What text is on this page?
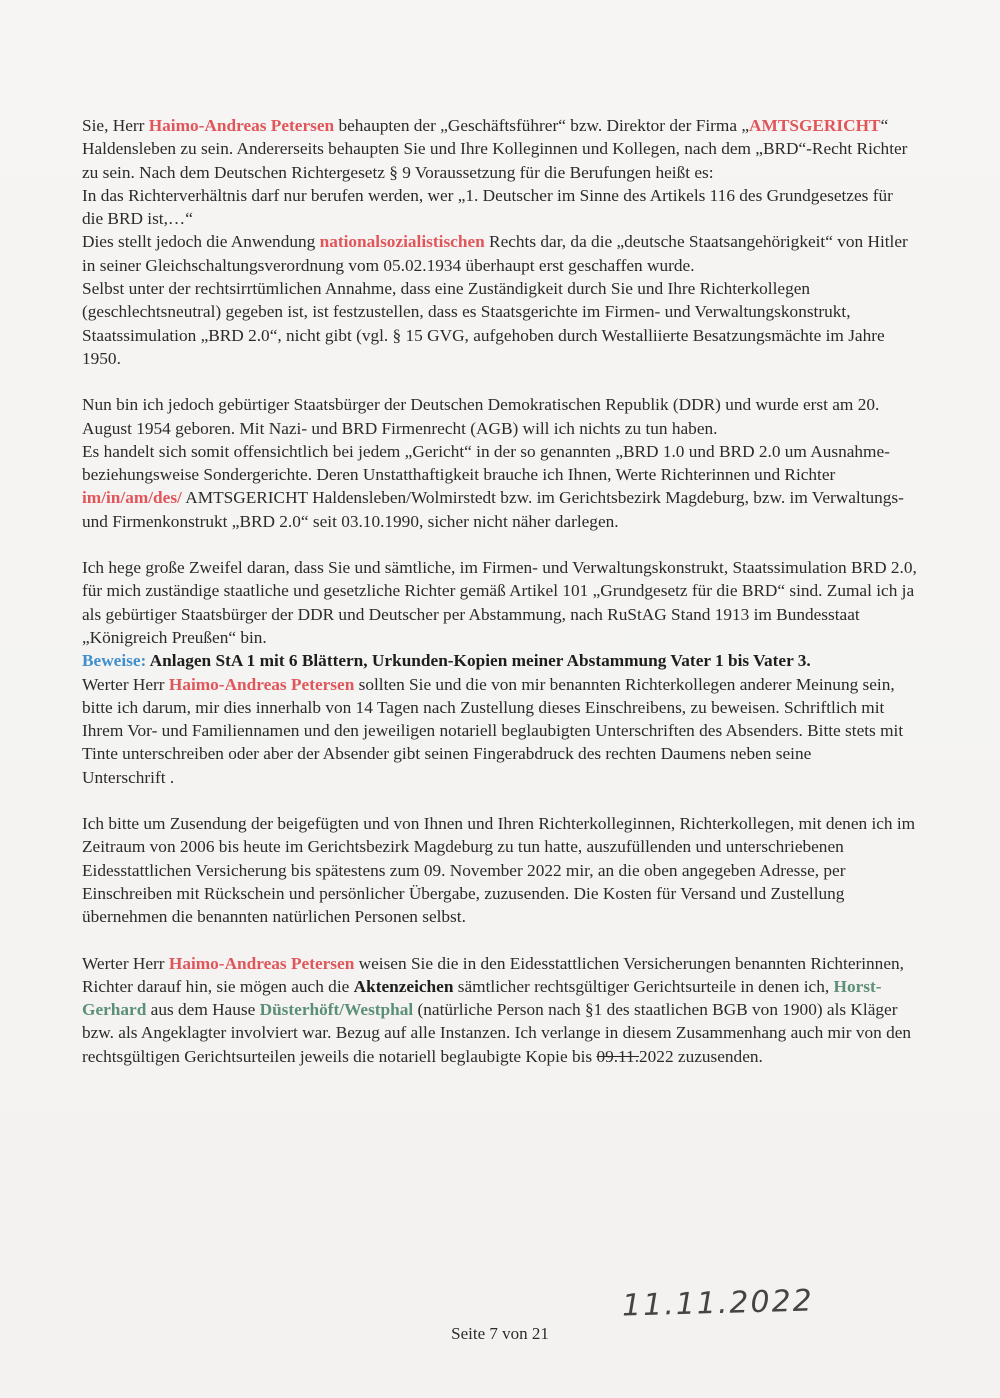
Sie, Herr Haimo-Andreas Petersen behaupten der „Geschäftsführer“ bzw. Direktor der Firma „AMTSGERICHT“ Haldensleben zu sein. Andererseits behaupten Sie und Ihre Kolleginnen und Kollegen, nach dem „BRD“-Recht Richter zu sein. Nach dem Deutschen Richtergesetz § 9 Voraussetzung für die Berufungen heißt es:

In das Richterverhältnis darf nur berufen werden, wer „1. Deutscher im Sinne des Artikels 116 des Grundgesetzes für die BRD ist,…“

Dies stellt jedoch die Anwendung nationalsozialistischen Rechts dar, da die „deutsche Staatsangehörigkeit“ von Hitler in seiner Gleichschaltungsverordnung vom 05.02.1934 überhaupt erst geschaffen wurde.

Selbst unter der rechtsirrtümlichen Annahme, dass eine Zuständigkeit durch Sie und Ihre Richterkollegen (geschlechtsneutral) gegeben ist, ist festzustellen, dass es Staatsgerichte im Firmen- und Verwaltungskonstrukt, Staatssimulation „BRD 2.0“, nicht gibt (vgl. § 15 GVG, aufgehoben durch Westalliierte Besatzungsmächte im Jahre 1950.

Nun bin ich jedoch gebürtiger Staatsbürger der Deutschen Demokratischen Republik (DDR) und wurde erst am 20. August 1954 geboren. Mit Nazi- und BRD Firmenrecht (AGB) will ich nichts zu tun haben.

Es handelt sich somit offensichtlich bei jedem „Gericht“ in der so genannten „BRD 1.0 und BRD 2.0 um Ausnahme- beziehungsweise Sondergerichte. Deren Unstatthaftigkeit brauche ich Ihnen, Werte Richterinnen und Richter im/in/am/des/ AMTSGERICHT Haldensleben/Wolmirstedt bzw. im Gerichtsbezirk Magdeburg, bzw. im Verwaltungs- und Firmenkonstrukt „BRD 2.0“ seit 03.10.1990, sicher nicht näher darlegen.

Ich hege große Zweifel daran, dass Sie und sämtliche, im Firmen- und Verwaltungskonstrukt, Staatssimulation BRD 2.0, für mich zuständige staatliche und gesetzliche Richter gemäß Artikel 101 „Grundgesetz für die BRD“ sind. Zumal ich ja als gebürtiger Staatsbürger der DDR und Deutscher per Abstammung, nach RuStAG Stand 1913 im Bundesstaat „Königreich Preußen“ bin.

Beweise: Anlagen StA 1 mit 6 Blättern, Urkunden-Kopien meiner Abstammung Vater 1 bis Vater 3.

Werter Herr Haimo-Andreas Petersen sollten Sie und die von mir benannten Richterkollegen anderer Meinung sein, bitte ich darum, mir dies innerhalb von 14 Tagen nach Zustellung dieses Einschreibens, zu beweisen. Schriftlich mit Ihrem Vor- und Familiennamen und den jeweiligen notariell beglaubigten Unterschriften des Absenders. Bitte stets mit Tinte unterschreiben oder aber der Absender gibt seinen Fingerabdruck des rechten Daumens neben seine
Unterschrift .

Ich bitte um Zusendung der beigefügten und von Ihnen und Ihren Richterkolleginnen, Richterkollegen, mit denen ich im Zeitraum von 2006 bis heute im Gerichtsbezirk Magdeburg zu tun hatte, auszufüllenden und unterschriebenen Eidesstattlichen Versicherung bis spätestens zum 09. November 2022 mir, an die oben angegeben Adresse, per Einschreiben mit Rückschein und persönlicher Übergabe, zuzusenden. Die Kosten für Versand und Zustellung übernehmen die benannten natürlichen Personen selbst.

Werter Herr Haimo-Andreas Petersen weisen Sie die in den Eidesstattlichen Versicherungen benannten Richterinnen, Richter darauf hin, sie mögen auch die Aktenzeichen sämtlicher rechtsgültiger Gerichtsurteile in denen ich, Horst-Gerhard aus dem Hause Düsterhöft/Westphal (natürliche Person nach §1 des staatlichen BGB von 1900) als Kläger bzw. als Angeklagter involviert war. Bezug auf alle Instanzen. Ich verlange in diesem Zusammenhang auch mir von den rechtsgültigen Gerichtsurteilen jeweils die notariell beglaubigte Kopie bis 09.11.2022 zuzusenden.

11.11.2022
Seite 7 von 21
